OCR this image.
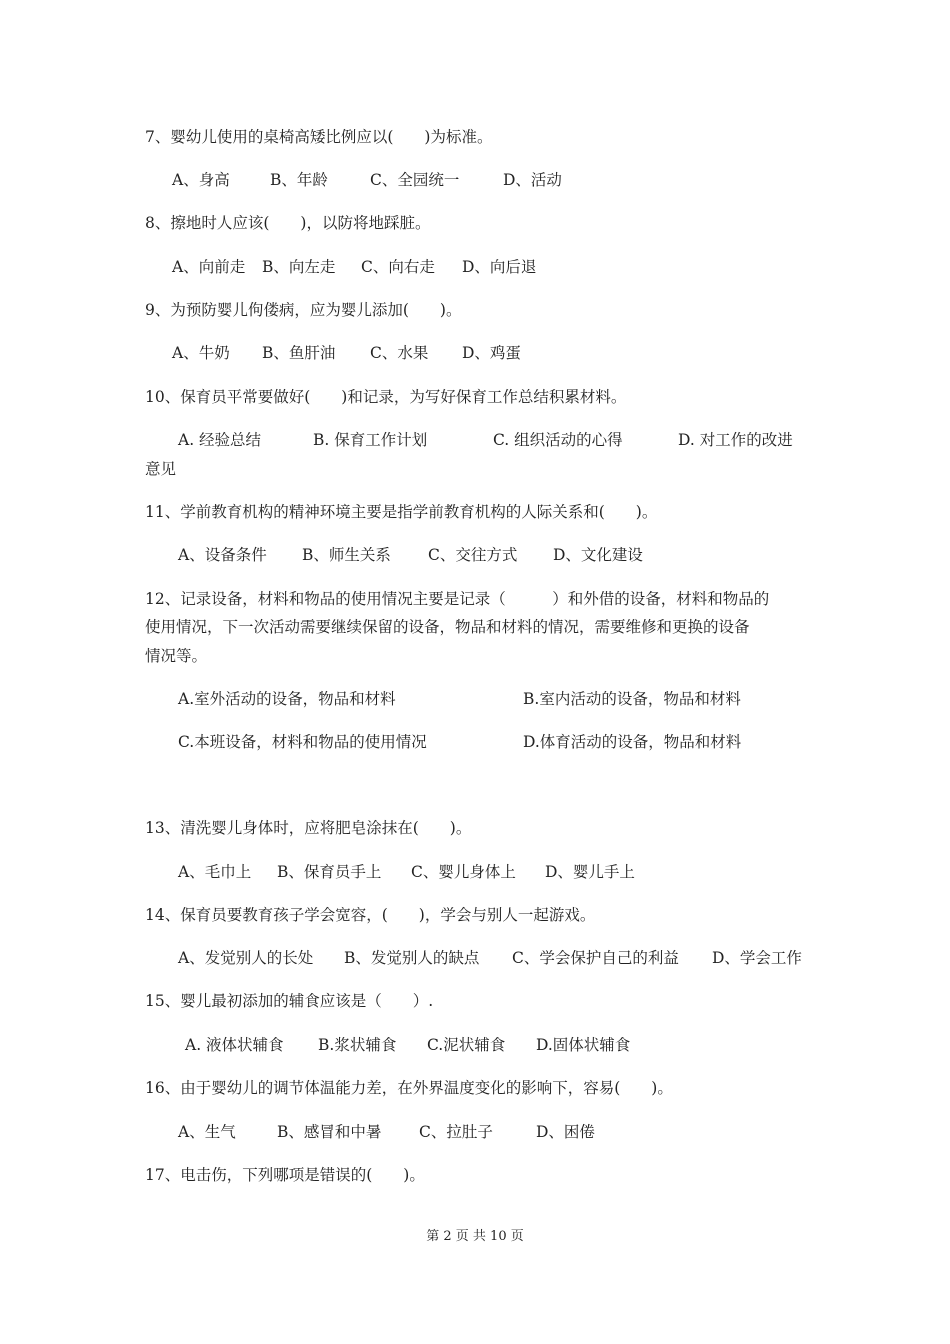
7、婴幼儿使用的桌椅高矮比例应以(　　)为标准。
A、身高	B、年龄	C、全园统一	D、活动
8、擦地时人应该(　　)，以防将地踩脏。
A、向前走 B、向左走 C、向右走 D、向后退
9、为预防婴儿佝偻病，应为婴儿添加(　　)。
A、牛奶 B、鱼肝油 C、水果 D、鸡蛋
10、保育员平常要做好(　　)和记录，为写好保育工作总结积累材料。
A. 经验总结	B. 保育工作计划	C. 组织活动的心得	D. 对工作的改进
意见
11、学前教育机构的精神环境主要是指学前教育机构的人际关系和(　　)。
A、设备条件 B、师生关系 C、交往方式 D、文化建设
12、记录设备，材料和物品的使用情况主要是记录（　　　）和外借的设备，材料和物品的
使用情况，下一次活动需要继续保留的设备，物品和材料的情况，需要维修和更换的设备
情况等。
A.室外活动的设备，物品和材料	B.室内活动的设备，物品和材料
C.本班设备，材料和物品的使用情况	D.体育活动的设备，物品和材料
13、清洗婴儿身体时，应将肥皂涂抹在(　　)。
A、毛巾上 B、保育员手上 C、婴儿身体上 D、婴儿手上
14、保育员要教育孩子学会宽容，(　　)，学会与别人一起游戏。
A、发觉别人的长处 B、发觉别人的缺点 C、学会保护自己的利益 D、学会工作
15、婴儿最初添加的辅食应该是（　　）.
A. 液体状辅食 B.浆状辅食 C.泥状辅食 D.固体状辅食
16、由于婴幼儿的调节体温能力差，在外界温度变化的影响下，容易(　　)。
A、生气	B、感冒和中暑 C、拉肚子	D、困倦
17、电击伤，下列哪项是错误的(　　)。
第 2 页 共 10 页
